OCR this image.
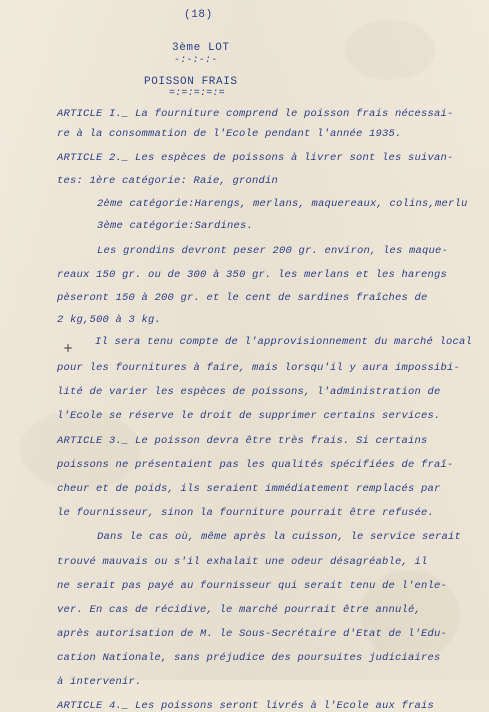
(18)
3ème LOT
-:-:-:-
POISSON FRAIS
=:=:=:=:=
ARTICLE I._ La fourniture comprend le poisson frais nécessai-
re à la consommation de l'Ecole pendant l'année 1935.
ARTICLE 2._ Les espèces de poissons à livrer sont les suivan-
tes: 1ère catégorie: Raie, grondin
2ème catégorie:Harengs, merlans, maquereaux, colins,merlu
3ème catégorie:Sardines.
Les grondins devront peser 200 gr. environ, les maque-
reaux 150 gr. ou de 300 à 350 gr. les merlans et les harengs
pèseront 150 à 200 gr. et le cent de sardines fraîches de
2 kg,500 à 3 kg.
+ Il sera tenu compte de l'approvisionnement du marché local
pour les fournitures à faire, mais lorsqu'il y aura impossibi-
lité de varier les espèces de poissons, l'administration de
l'Ecole se réserve le droit de supprimer certains services.
ARTICLE 3._ Le poisson devra être très frais. Si certains
poissons ne présentaient pas les qualités spécifiées de fraî-
cheur et de poids, ils seraient immédiatement remplacés par
le fournisseur, sinon la fourniture pourrait être refusée.
Dans le cas où, même après la cuisson, le service serait
trouvé mauvais ou s'il exhalait une odeur désagréable, il
ne serait pas payé au fournisseur qui serait tenu de l'enle-
ver. En cas de récidive, le marché pourrait être annulé,
après autorisation de M. le Sous-Secrétaire d'Etat de l'Edu-
cation Nationale, sans préjudice des poursuites judiciaires
à intervenir.
ARTICLE 4._ Les poissons seront livrés à l'Ecole aux frais
